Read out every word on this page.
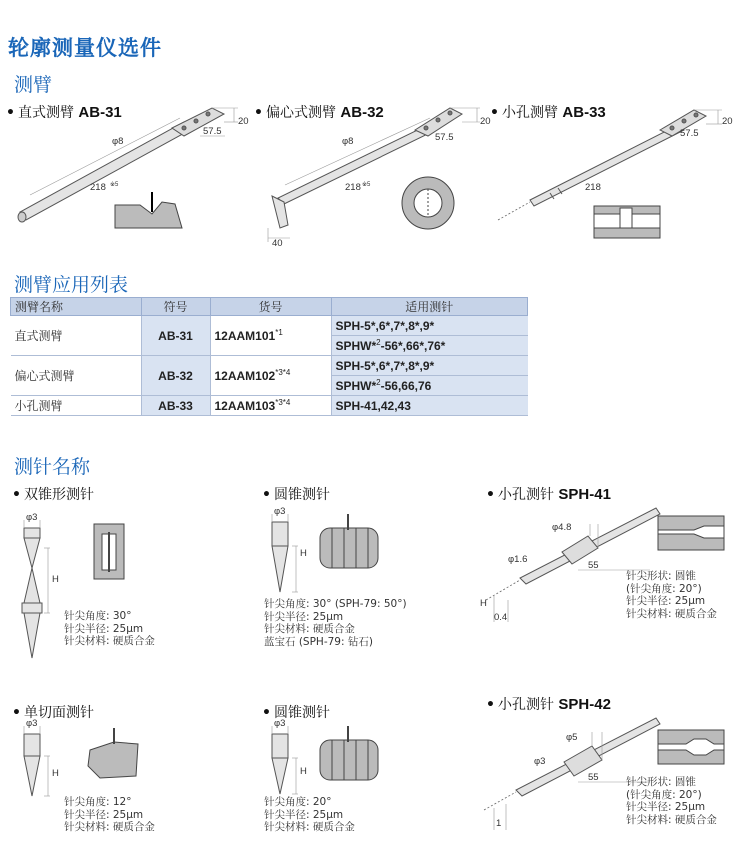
轮廓测量仪选件
测臂
• 直式测臂 AB-31	• 偏心式测臂 AB-32	• 小孔测臂 AB-33
φ8
57.5
20
218 ※5
φ8	57.5
20
218 ※5
40
57.5
20
218
测臂应用列表
测臂名称	符号	货号	适用测针
直式测臂	AB-31	12AAM101$^{*1}$	SPH-5*,6*,7*,8*,9*
			SPHW*$^2$-56*,66*,76*
偏心式测臂	AB-32	$12AAM102^{*3*4}$	SPH-5*,6*,7*,8*,9*
			SPHW*$^2$-56,66,76
小孔测臂	AB-33	$12AAM103^{*3*4}$	SPH-41,42,43
测针名称
• 双锥形测针	• 圆锥测针	• 小孔测针 SPH-41
φ3
H
针尖角度: 30°
针尖半径: 25μm
针尖材料: 硬质合金
φ3
H
针尖角度: 30° (SPH-79: 50°)
针尖半径: 25μm
针尖材料: 硬质合金
蓝宝石 (SPH-79: 钻石)
φ4.8
φ1.6
55
H
0.4
针尖形状: 圆锥
(针尖角度: 20°)
针尖半径: 25μm
针尖材料: 硬质合金
• 单切面测针	• 圆锥测针	• 小孔测针 SPH-42
φ3
H
针尖角度: 12°
针尖半径: 25μm
针尖材料: 硬质合金
φ3
H
针尖角度: 20°
针尖半径: 25μm
针尖材料: 硬质合金
φ5
φ3
55
1
针尖形状: 圆锥
(针尖角度: 20°)
针尖半径: 25μm
针尖材料: 硬质合金
